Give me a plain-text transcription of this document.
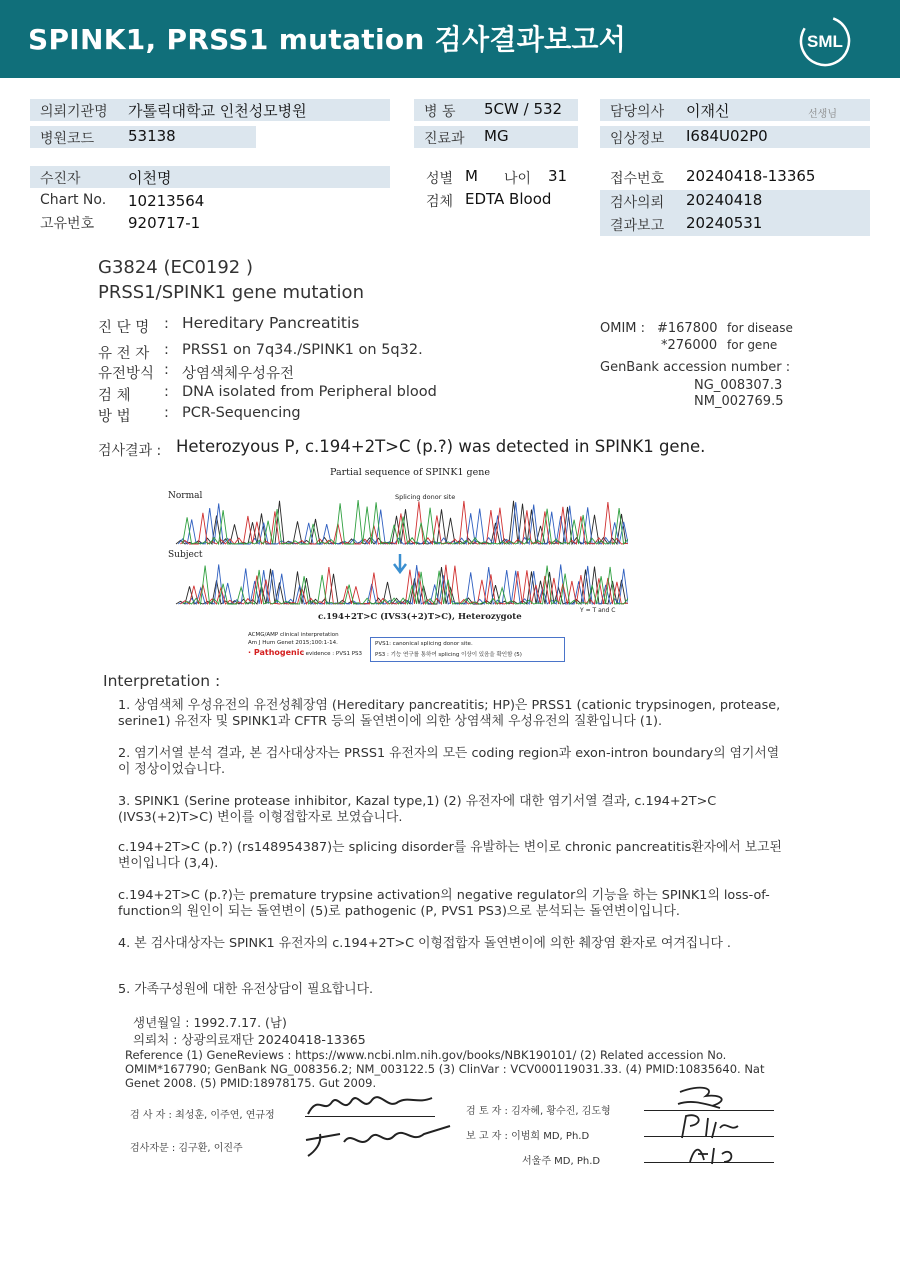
SPINK1, PRSS1 mutation 검사결과보고서	SML
의뢰기관명 가톨릭대학교 인천성모병원
병원코드 53138
병 동 5CW / 532
진료과 MG
담당의사 이재신	선생님
임상정보 I684U02P0
수진자	이천명
Chart No. 10213564
고유번호 920717-1
성별 M 나이 31
검체 EDTA Blood
접수번호 20240418-13365
검사의뢰 20240418
결과보고 20240531
G3824 (EC0192 )
PRSS1/SPINK1 gene mutation
진 단 명 : Hereditary Pancreatitis
유 전 자 : PRSS1 on 7q34./SPINK1 on 5q32.
유전방식 : 상염색체우성유전
검 체 : DNA isolated from Peripheral blood
방 법 : PCR-Sequencing
OMIM : #167800 for disease
*276000 for gene
GenBank accession number :
NG_008307.3
NM_002769.5
검사결과 : Heterozyous P, c.194+2T>C (p.?) was detected in SPINK1 gene.
Partial sequence of SPINK1 gene
Normal	Splicing donor site
Subject
c.194+2T>C (IVS3(+2)T>C), Heterozygote
Y = T and C
ACMG/AMP clinical interpretation
Am J Hum Genet 2015;100:1-14.
· Pathogenic
: evidence : PVS1 PS3
PVS1: canonical splicing donor site.
PS3 : 기능 연구를 통하여 splicing 이상이 있음을 확인함 (5)
Interpretation :
1. 상염색체 우성유전의 유전성췌장염 (Hereditary pancreatitis; HP)은 PRSS1 (cationic trypsinogen, protease, serine1) 유전자 및 SPINK1과 CFTR 등의 돌연변이에 의한 상염색체 우성유전의 질환입니다 (1).
2. 염기서열 분석 결과, 본 검사대상자는 PRSS1 유전자의 모든 coding region과 exon-intron boundary의 염기서열이 정상이었습니다.
3. SPINK1 (Serine protease inhibitor, Kazal type,1) (2) 유전자에 대한 염기서열 결과, c.194+2T>C (IVS3(+2)T>C) 변이를 이형접합자로 보였습니다.
c.194+2T>C (p.?) (rs148954387)는 splicing disorder를 유발하는 변이로 chronic pancreatitis환자에서 보고된 변이입니다 (3,4).
c.194+2T>C (p.?)는 premature trypsine activation의 negative regulator의 기능을 하는 SPINK1의 loss-of-function의 원인이 되는 돌연변이 (5)로 pathogenic (P, PVS1 PS3)으로 분석되는 돌연변이입니다.
4. 본 검사대상자는 SPINK1 유전자의 c.194+2T>C 이형접합자 돌연변이에 의한 췌장염 환자로 여겨집니다 .
5. 가족구성원에 대한 유전상담이 필요합니다.
생년월일 : 1992.7.17. (남)
의뢰처 : 상광의료재단 20240418-13365
Reference (1) GeneReviews : https://www.ncbi.nlm.nih.gov/books/NBK190101/ (2) Related accession No. OMIM*167790; GenBank NG_008356.2; NM_003122.5 (3) ClinVar : VCV000119031.33. (4) PMID:10835640. Nat Genet 2008. (5) PMID:18978175. Gut 2009.
검 사 자 : 최성훈, 이주연, 연규정
검사자문 : 김구환, 이진주
검 토 자 : 김자혜, 황수진, 김도형
보 고 자 : 이범희 MD, Ph.D
서울주 MD, Ph.D
